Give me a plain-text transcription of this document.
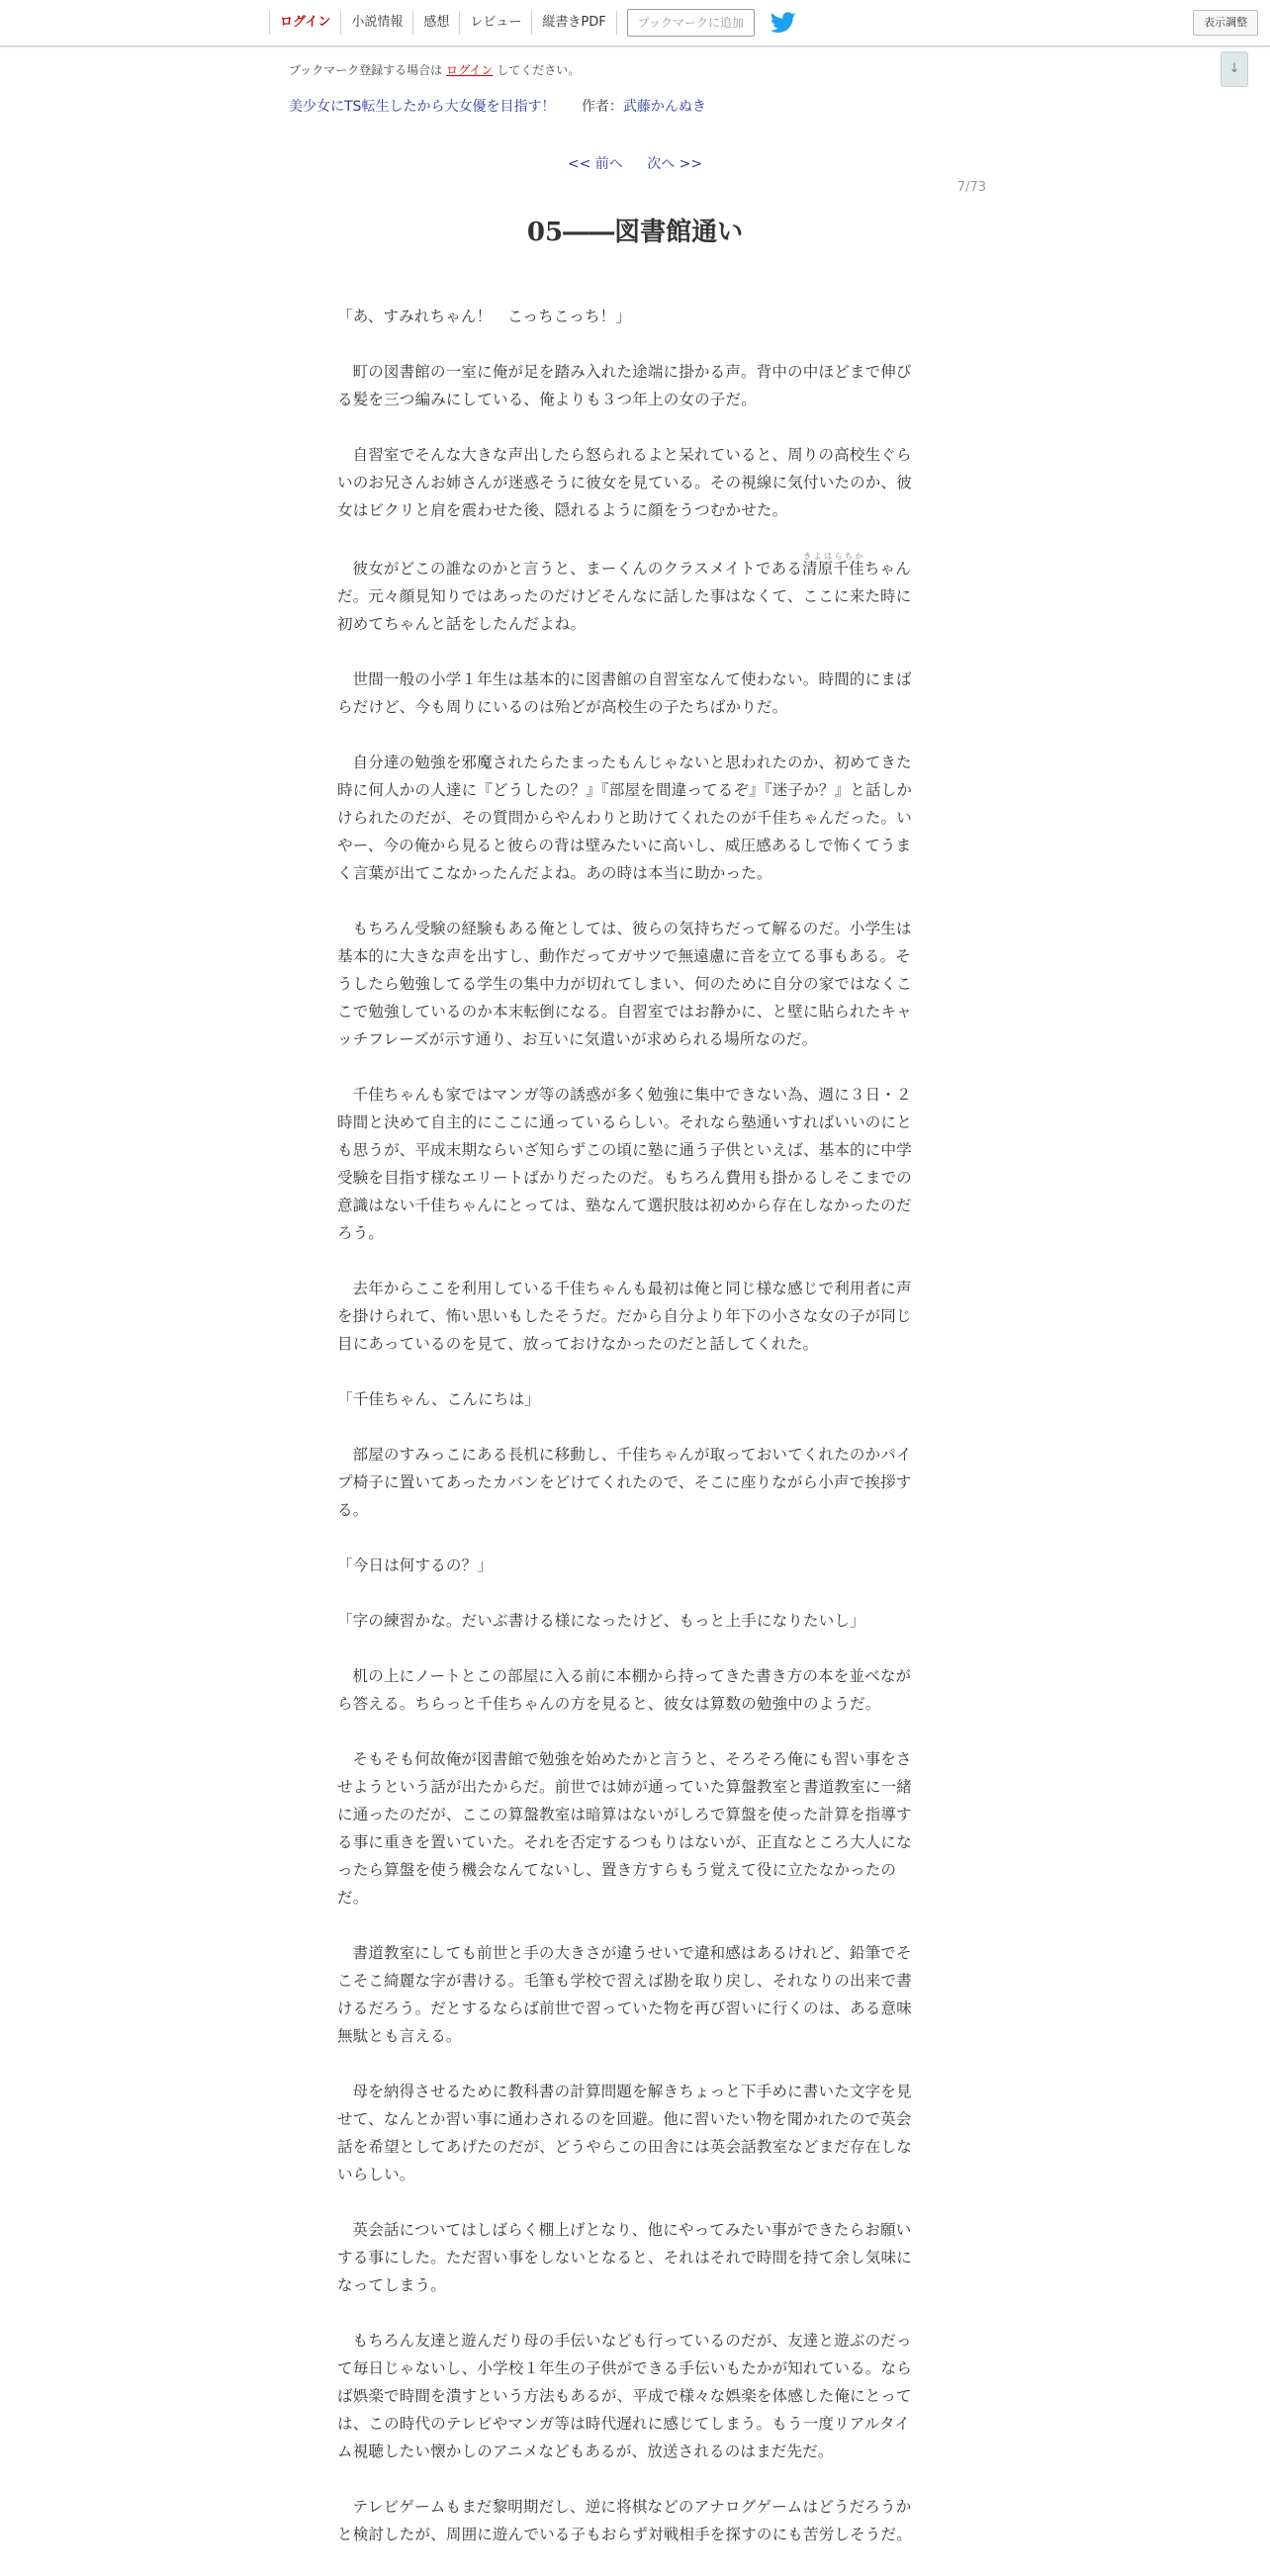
ログイン	小説情報	感想	レビュー	縦書きPDF	ブックマークに追加	表示調整
↓
ブックマーク登録する場合は ログイン してください。
美少女にTS転生したから大女優を目指す！ 作者：武藤かんぬき
<< 前へ 次へ >>
7/73
05――図書館通い

「あ、すみれちゃん！　こっちこっち！」

町の図書館の一室に俺が足を踏み入れた途端に掛かる声。背中の中ほどまで伸びる髪を三つ編みにしている、俺よりも３つ年上の女の子だ。

自習室でそんな大きな声出したら怒られるよと呆れていると、周りの高校生ぐらいのお兄さんお姉さんが迷惑そうに彼女を見ている。その視線に気付いたのか、彼女はビクリと肩を震わせた後、隠れるように顔をうつむかせた。

彼女がどこの誰なのかと言うと、まーくんのクラスメイトである清原千佳きよはらちかちゃんだ。元々顔見知りではあったのだけどそんなに話した事はなくて、ここに来た時に初めてちゃんと話をしたんだよね。

世間一般の小学１年生は基本的に図書館の自習室なんて使わない。時間的にまばらだけど、今も周りにいるのは殆どが高校生の子たちばかりだ。

自分達の勉強を邪魔されたらたまったもんじゃないと思われたのか、初めてきた時に何人かの人達に『どうしたの？』『部屋を間違ってるぞ』『迷子か？』と話しかけられたのだが、その質問からやんわりと助けてくれたのが千佳ちゃんだった。いやー、今の俺から見ると彼らの背は壁みたいに高いし、威圧感あるしで怖くてうまく言葉が出てこなかったんだよね。あの時は本当に助かった。

もちろん受験の経験もある俺としては、彼らの気持ちだって解るのだ。小学生は基本的に大きな声を出すし、動作だってガサツで無遠慮に音を立てる事もある。そうしたら勉強してる学生の集中力が切れてしまい、何のために自分の家ではなくここで勉強しているのか本末転倒になる。自習室ではお静かに、と壁に貼られたキャッチフレーズが示す通り、お互いに気遣いが求められる場所なのだ。

千佳ちゃんも家ではマンガ等の誘惑が多く勉強に集中できない為、週に３日・２時間と決めて自主的にここに通っているらしい。それなら塾通いすればいいのにとも思うが、平成末期ならいざ知らずこの頃に塾に通う子供といえば、基本的に中学受験を目指す様なエリートばかりだったのだ。もちろん費用も掛かるしそこまでの意識はない千佳ちゃんにとっては、塾なんて選択肢は初めから存在しなかったのだろう。

去年からここを利用している千佳ちゃんも最初は俺と同じ様な感じで利用者に声を掛けられて、怖い思いもしたそうだ。だから自分より年下の小さな女の子が同じ目にあっているのを見て、放っておけなかったのだと話してくれた。

「千佳ちゃん、こんにちは」

部屋のすみっこにある長机に移動し、千佳ちゃんが取っておいてくれたのかパイプ椅子に置いてあったカバンをどけてくれたので、そこに座りながら小声で挨拶する。

「今日は何するの？」

「字の練習かな。だいぶ書ける様になったけど、もっと上手になりたいし」

机の上にノートとこの部屋に入る前に本棚から持ってきた書き方の本を並べながら答える。ちらっと千佳ちゃんの方を見ると、彼女は算数の勉強中のようだ。

そもそも何故俺が図書館で勉強を始めたかと言うと、そろそろ俺にも習い事をさせようという話が出たからだ。前世では姉が通っていた算盤教室と書道教室に一緒に通ったのだが、ここの算盤教室は暗算はないがしろで算盤を使った計算を指導する事に重きを置いていた。それを否定するつもりはないが、正直なところ大人になったら算盤を使う機会なんてないし、置き方すらもう覚えて役に立たなかったのだ。

書道教室にしても前世と手の大きさが違うせいで違和感はあるけれど、鉛筆でそこそこ綺麗な字が書ける。毛筆も学校で習えば勘を取り戻し、それなりの出来で書けるだろう。だとするならば前世で習っていた物を再び習いに行くのは、ある意味無駄とも言える。

母を納得させるために教科書の計算問題を解きちょっと下手めに書いた文字を見せて、なんとか習い事に通わされるのを回避。他に習いたい物を聞かれたので英会話を希望としてあげたのだが、どうやらこの田舎には英会話教室などまだ存在しないらしい。

英会話についてはしばらく棚上げとなり、他にやってみたい事ができたらお願いする事にした。ただ習い事をしないとなると、それはそれで時間を持て余し気味になってしまう。

もちろん友達と遊んだり母の手伝いなども行っているのだが、友達と遊ぶのだって毎日じゃないし、小学校１年生の子供ができる手伝いもたかが知れている。ならば娯楽で時間を潰すという方法もあるが、平成で様々な娯楽を体感した俺にとっては、この時代のテレビやマンガ等は時代遅れに感じてしまう。もう一度リアルタイム視聴したい懐かしのアニメなどもあるが、放送されるのはまだ先だ。

テレビゲームもまだ黎明期だし、逆に将棋などのアナログゲームはどうだろうかと検討したが、周囲に遊んでいる子もおらず対戦相手を探すのにも苦労しそうだ。
